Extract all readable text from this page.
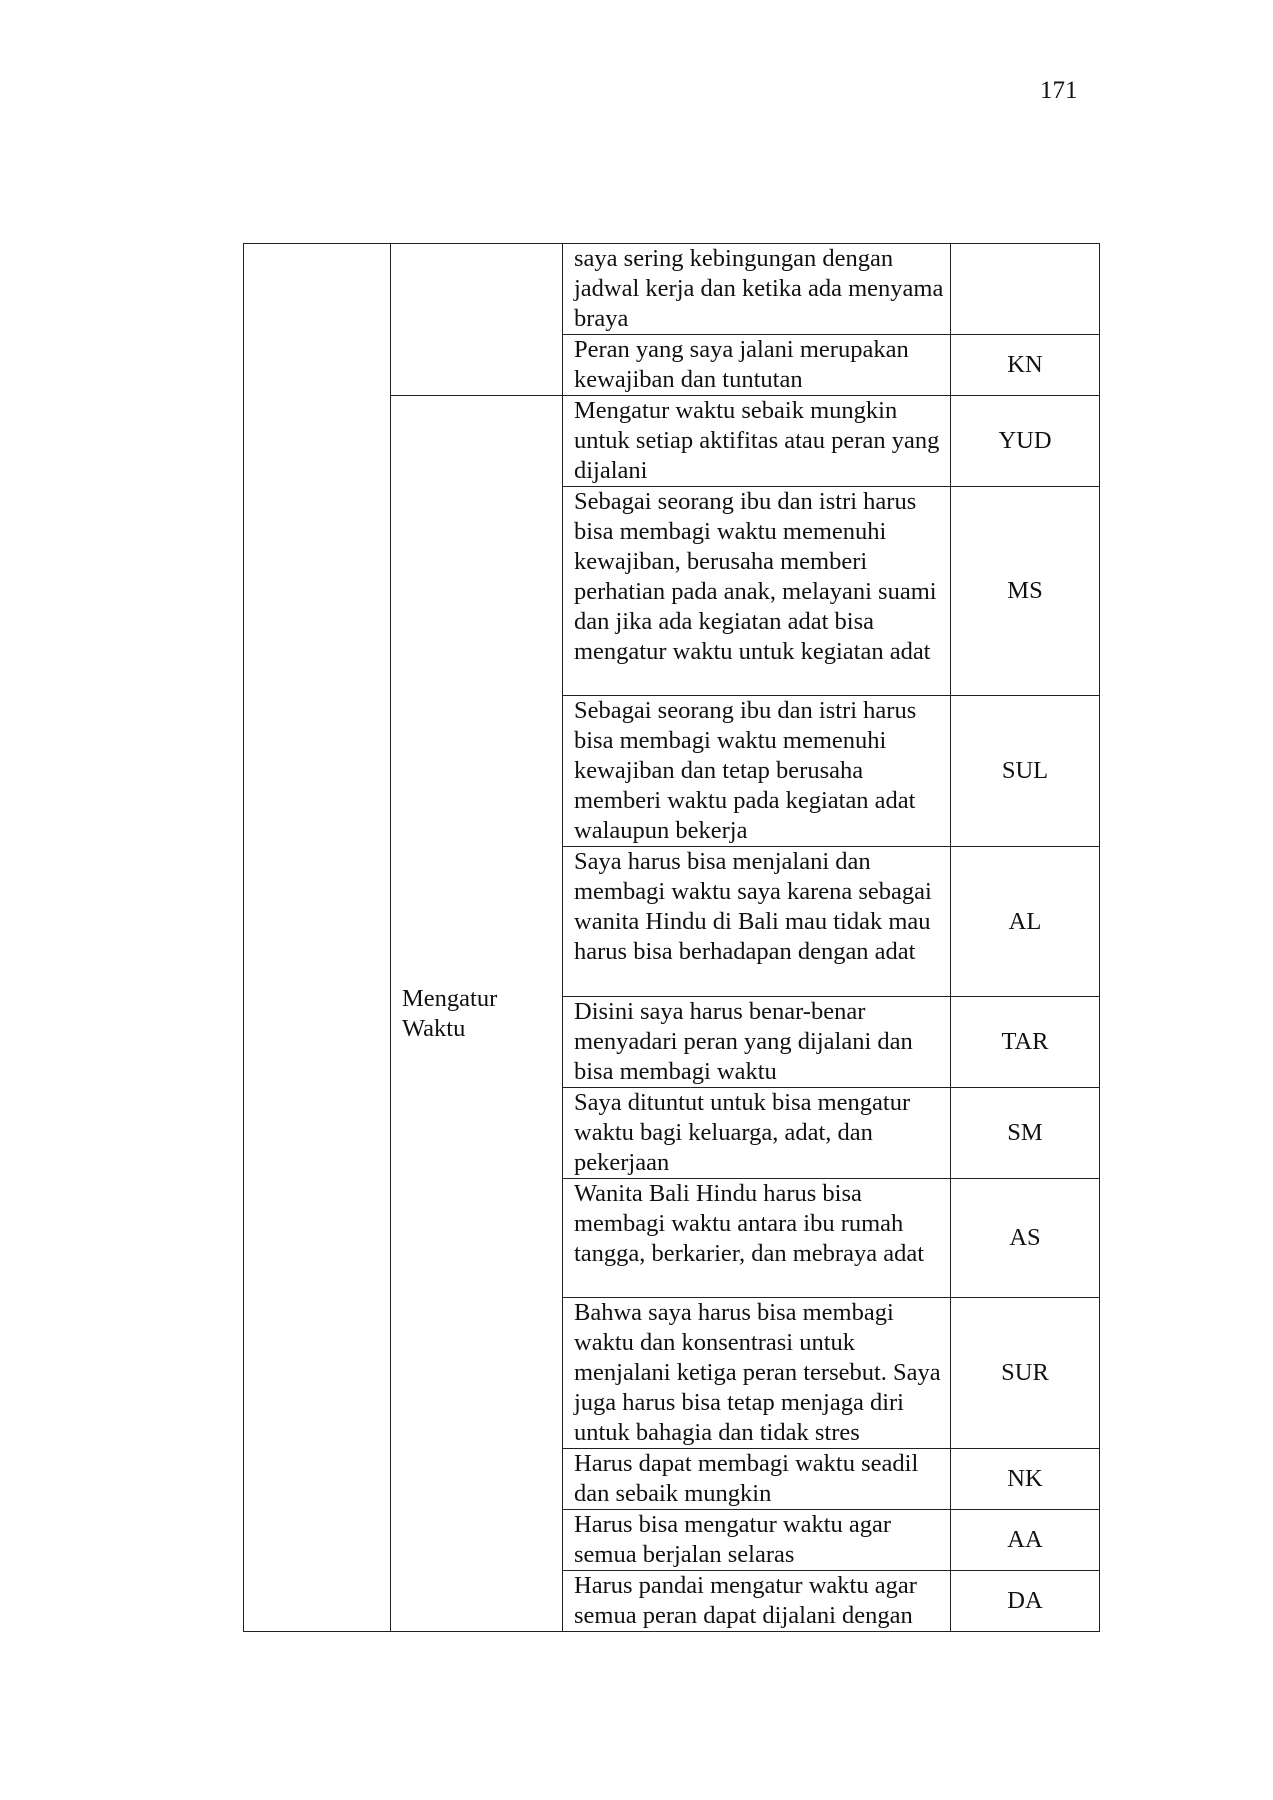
171
		saya sering kebingungan dengan jadwal kerja dan ketika ada menyama braya	
		Peran yang saya jalani merupakan kewajiban dan tuntutan	KN
	Mengatur Waktu	Mengatur waktu sebaik mungkin untuk setiap aktifitas atau peran yang dijalani	YUD
		Sebagai seorang ibu dan istri harus bisa membagi waktu memenuhi kewajiban, berusaha memberi perhatian pada anak, melayani suami dan jika ada kegiatan adat bisa mengatur waktu untuk kegiatan adat	MS
		Sebagai seorang ibu dan istri harus bisa membagi waktu memenuhi kewajiban dan tetap berusaha memberi waktu pada kegiatan adat walaupun bekerja	SUL
		Saya harus bisa menjalani dan membagi waktu saya karena sebagai wanita Hindu di Bali mau tidak mau harus bisa berhadapan dengan adat	AL
		Disini saya harus benar-benar menyadari peran yang dijalani dan bisa membagi waktu	TAR
		Saya dituntut untuk bisa mengatur waktu bagi keluarga, adat, dan pekerjaan	SM
		Wanita Bali Hindu harus bisa membagi waktu antara ibu rumah tangga, berkarier, dan mebraya adat	AS
		Bahwa saya harus bisa membagi waktu dan konsentrasi untuk menjalani ketiga peran tersebut. Saya juga harus bisa tetap menjaga diri untuk bahagia dan tidak stres	SUR
		Harus dapat membagi waktu seadil dan sebaik mungkin	NK
		Harus bisa mengatur waktu agar semua berjalan selaras	AA
		Harus pandai mengatur waktu agar semua peran dapat dijalani dengan	DA
